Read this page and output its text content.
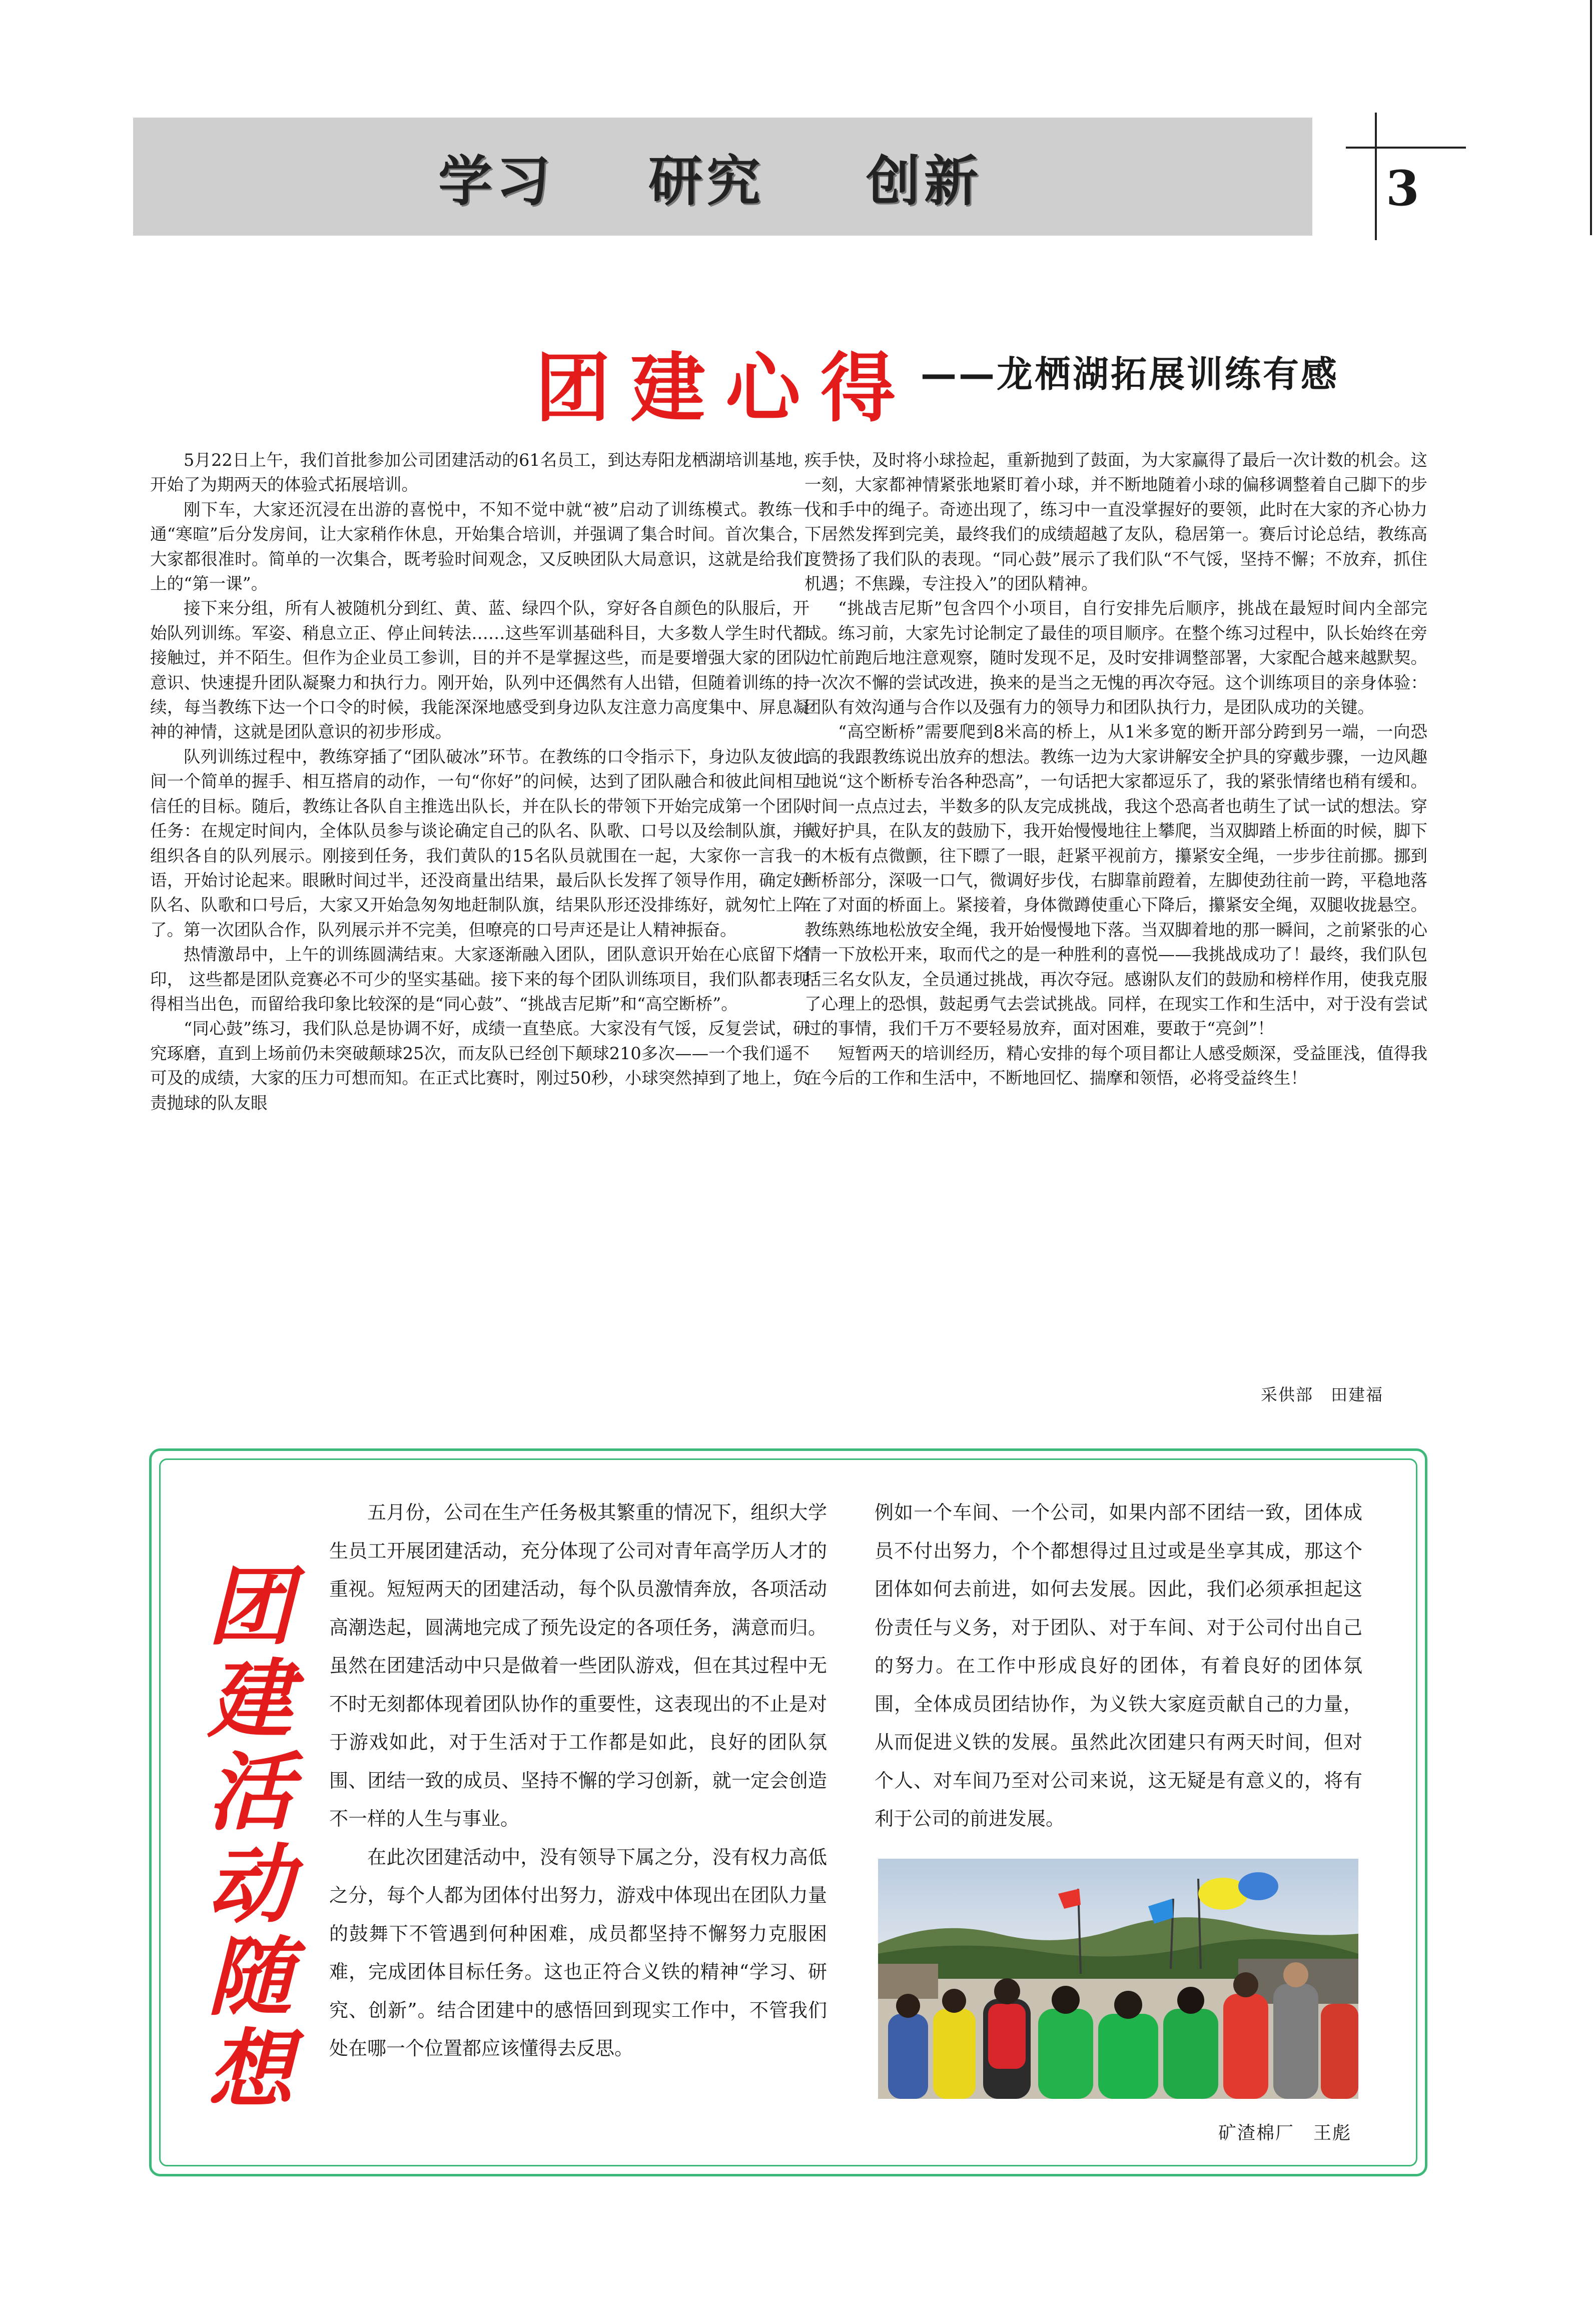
学习 研究 创新	3
团建心得 ——龙栖湖拓展训练有感

5月22日上午，我们首批参加公司团建活动的61名员工，到达寿阳龙栖湖培训基地，开始了为期两天的体验式拓展培训。

刚下车，大家还沉浸在出游的喜悦中，不知不觉中就“被”启动了训练模式。教练一通“寒暄”后分发房间，让大家稍作休息，开始集合培训，并强调了集合时间。首次集合，大家都很准时。简单的一次集合，既考验时间观念，又反映团队大局意识，这就是给我们上的“第一课”。

接下来分组，所有人被随机分到红、黄、蓝、绿四个队，穿好各自颜色的队服后，开始队列训练。军姿、稍息立正、停止间转法……这些军训基础科目，大多数人学生时代都接触过，并不陌生。但作为企业员工参训，目的并不是掌握这些，而是要增强大家的团队意识、快速提升团队凝聚力和执行力。刚开始，队列中还偶然有人出错，但随着训练的持续，每当教练下达一个口令的时候，我能深深地感受到身边队友注意力高度集中、屏息凝神的神情，这就是团队意识的初步形成。

队列训练过程中，教练穿插了“团队破冰”环节。在教练的口令指示下，身边队友彼此间一个简单的握手、相互搭肩的动作，一句“你好”的问候，达到了团队融合和彼此间相互信任的目标。随后，教练让各队自主推选出队长，并在队长的带领下开始完成第一个团队任务：在规定时间内，全体队员参与谈论确定自己的队名、队歌、口号以及绘制队旗，并组织各自的队列展示。刚接到任务，我们黄队的15名队员就围在一起，大家你一言我一语，开始讨论起来。眼瞅时间过半，还没商量出结果，最后队长发挥了领导作用，确定好队名、队歌和口号后，大家又开始急匆匆地赶制队旗，结果队形还没排练好，就匆忙上阵了。第一次团队合作，队列展示并不完美，但嘹亮的口号声还是让人精神振奋。

热情激昂中，上午的训练圆满结束。大家逐渐融入团队，团队意识开始在心底留下烙印， 这些都是团队竞赛必不可少的坚实基础。接下来的每个团队训练项目，我们队都表现得相当出色，而留给我印象比较深的是“同心鼓”、“挑战吉尼斯”和“高空断桥”。

“同心鼓”练习，我们队总是协调不好，成绩一直垫底。大家没有气馁，反复尝试，研究琢磨，直到上场前仍未突破颠球25次，而友队已经创下颠球210多次——一个我们遥不可及的成绩，大家的压力可想而知。在正式比赛时，刚过50秒，小球突然掉到了地上，负责抛球的队友眼

疾手快，及时将小球捡起，重新抛到了鼓面，为大家赢得了最后一次计数的机会。这一刻，大家都神情紧张地紧盯着小球，并不断地随着小球的偏移调整着自己脚下的步伐和手中的绳子。奇迹出现了，练习中一直没掌握好的要领，此时在大家的齐心协力下居然发挥到完美，最终我们的成绩超越了友队，稳居第一。赛后讨论总结，教练高度赞扬了我们队的表现。“同心鼓”展示了我们队“不气馁，坚持不懈；不放弃，抓住机遇；不焦躁，专注投入”的团队精神。

“挑战吉尼斯”包含四个小项目，自行安排先后顺序，挑战在最短时间内全部完成。练习前，大家先讨论制定了最佳的项目顺序。在整个练习过程中，队长始终在旁边忙前跑后地注意观察，随时发现不足，及时安排调整部署，大家配合越来越默契。一次次不懈的尝试改进，换来的是当之无愧的再次夺冠。这个训练项目的亲身体验：团队有效沟通与合作以及强有力的领导力和团队执行力，是团队成功的关键。

“高空断桥”需要爬到8米高的桥上，从1米多宽的断开部分跨到另一端，一向恐高的我跟教练说出放弃的想法。教练一边为大家讲解安全护具的穿戴步骤，一边风趣地说“这个断桥专治各种恐高”，一句话把大家都逗乐了，我的紧张情绪也稍有缓和。时间一点点过去，半数多的队友完成挑战，我这个恐高者也萌生了试一试的想法。穿戴好护具，在队友的鼓励下，我开始慢慢地往上攀爬，当双脚踏上桥面的时候，脚下的木板有点微颤，往下瞟了一眼，赶紧平视前方，攥紧安全绳，一步步往前挪。挪到断桥部分，深吸一口气，微调好步伐，右脚靠前蹬着，左脚使劲往前一跨，平稳地落在了对面的桥面上。紧接着，身体微蹲使重心下降后，攥紧安全绳，双腿收拢悬空。教练熟练地松放安全绳，我开始慢慢地下落。当双脚着地的那一瞬间，之前紧张的心情一下放松开来，取而代之的是一种胜利的喜悦——我挑战成功了！最终，我们队包括三名女队友，全员通过挑战，再次夺冠。感谢队友们的鼓励和榜样作用，使我克服了心理上的恐惧，鼓起勇气去尝试挑战。同样，在现实工作和生活中，对于没有尝试过的事情，我们千万不要轻易放弃，面对困难，要敢于“亮剑”！

短暂两天的培训经历，精心安排的每个项目都让人感受颇深，受益匪浅，值得我在今后的工作和生活中，不断地回忆、揣摩和领悟，必将受益终生！

采供部　田建福
团
建
活
动
随
想

五月份，公司在生产任务极其繁重的情况下，组织大学生员工开展团建活动，充分体现了公司对青年高学历人才的重视。短短两天的团建活动，每个队员激情奔放，各项活动高潮迭起，圆满地完成了预先设定的各项任务，满意而归。虽然在团建活动中只是做着一些团队游戏，但在其过程中无不时无刻都体现着团队协作的重要性，这表现出的不止是对于游戏如此，对于生活对于工作都是如此，良好的团队氛围、团结一致的成员、坚持不懈的学习创新，就一定会创造不一样的人生与事业。

在此次团建活动中，没有领导下属之分，没有权力高低之分，每个人都为团体付出努力，游戏中体现出在团队力量的鼓舞下不管遇到何种困难，成员都坚持不懈努力克服困难，完成团体目标任务。这也正符合义铁的精神“学习、研究、创新”。结合团建中的感悟回到现实工作中，不管我们处在哪一个位置都应该懂得去反思。

例如一个车间、一个公司，如果内部不团结一致，团体成员不付出努力，个个都想得过且过或是坐享其成，那这个团体如何去前进，如何去发展。因此，我们必须承担起这份责任与义务，对于团队、对于车间、对于公司付出自己的努力。在工作中形成良好的团体，有着良好的团体氛围，全体成员团结协作，为义铁大家庭贡献自己的力量，从而促进义铁的发展。虽然此次团建只有两天时间，但对个人、对车间乃至对公司来说，这无疑是有意义的，将有利于公司的前进发展。

矿渣棉厂　王彪
